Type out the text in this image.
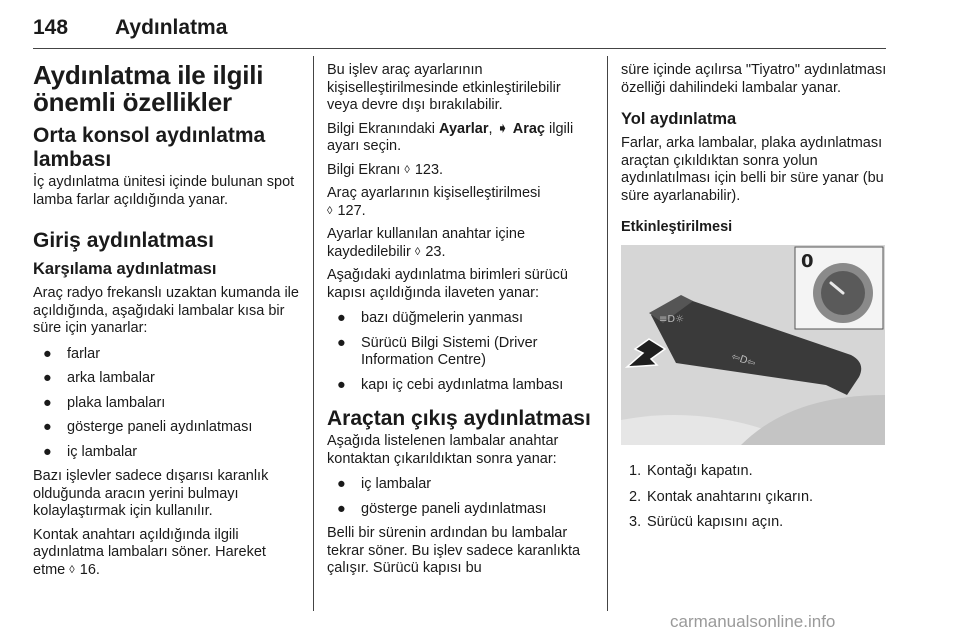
148 Aydınlatma
Aydınlatma ile ilgili önemli özellikler
Orta konsol aydınlatma lambası

İç aydınlatma ünitesi içinde bulunan spot lamba farlar açıldığında yanar.

Giriş aydınlatması
Karşılama aydınlatması

Araç radyo frekanslı uzaktan kumanda ile açıldığında, aşağıdaki lambalar kısa bir süre için yanarlar:

● farlar
● arka lambalar
● plaka lambaları
● gösterge paneli aydınlatması
● iç lambalar

Bazı işlevler sadece dışarısı karanlık olduğunda aracın yerini bulmayı kolaylaştırmak için kullanılır.

Kontak anahtarı açıldığında ilgili aydınlatma lambaları söner. Hareket etme ◊ 16.

Bu işlev araç ayarlarının kişiselleştirilmesinde etkinleştirilebilir veya devre dışı bırakılabilir.

Bilgi Ekranındaki Ayarlar, ➧ Araç ilgili ayarı seçin.

Bilgi Ekranı ◊ 123.

Araç ayarlarının kişiselleştirilmesi
◊ 127.

Ayarlar kullanılan anahtar içine kaydedilebilir ◊ 23.

Aşağıdaki aydınlatma birimleri sürücü kapısı açıldığında ilaveten yanar:

● bazı düğmelerin yanması
● Sürücü Bilgi Sistemi (Driver Information Centre)
● kapı iç cebi aydınlatma lambası
Araçtan çıkış aydınlatması

Aşağıda listelenen lambalar anahtar kontaktan çıkarıldıktan sonra yanar:

● iç lambalar
● gösterge paneli aydınlatması

Belli bir sürenin ardından bu lambalar tekrar söner. Bu işlev sadece karanlıkta çalışır. Sürücü kapısı bu

süre içinde açılırsa "Tiyatro" aydınlatması özelliği dahilindeki lambalar yanar.

Yol aydınlatma

Farlar, arka lambalar, plaka aydınlatması araçtan çıkıldıktan sonra yolun aydınlatılması için belli bir süre yanar (bu süre ayarlanabilir).

Etkinleştirilmesi
≡D☼
⇦D⇦
0
1. Kontağı kapatın.
2. Kontak anahtarını çıkarın.
3. Sürücü kapısını açın.
carmanualsonline.info
